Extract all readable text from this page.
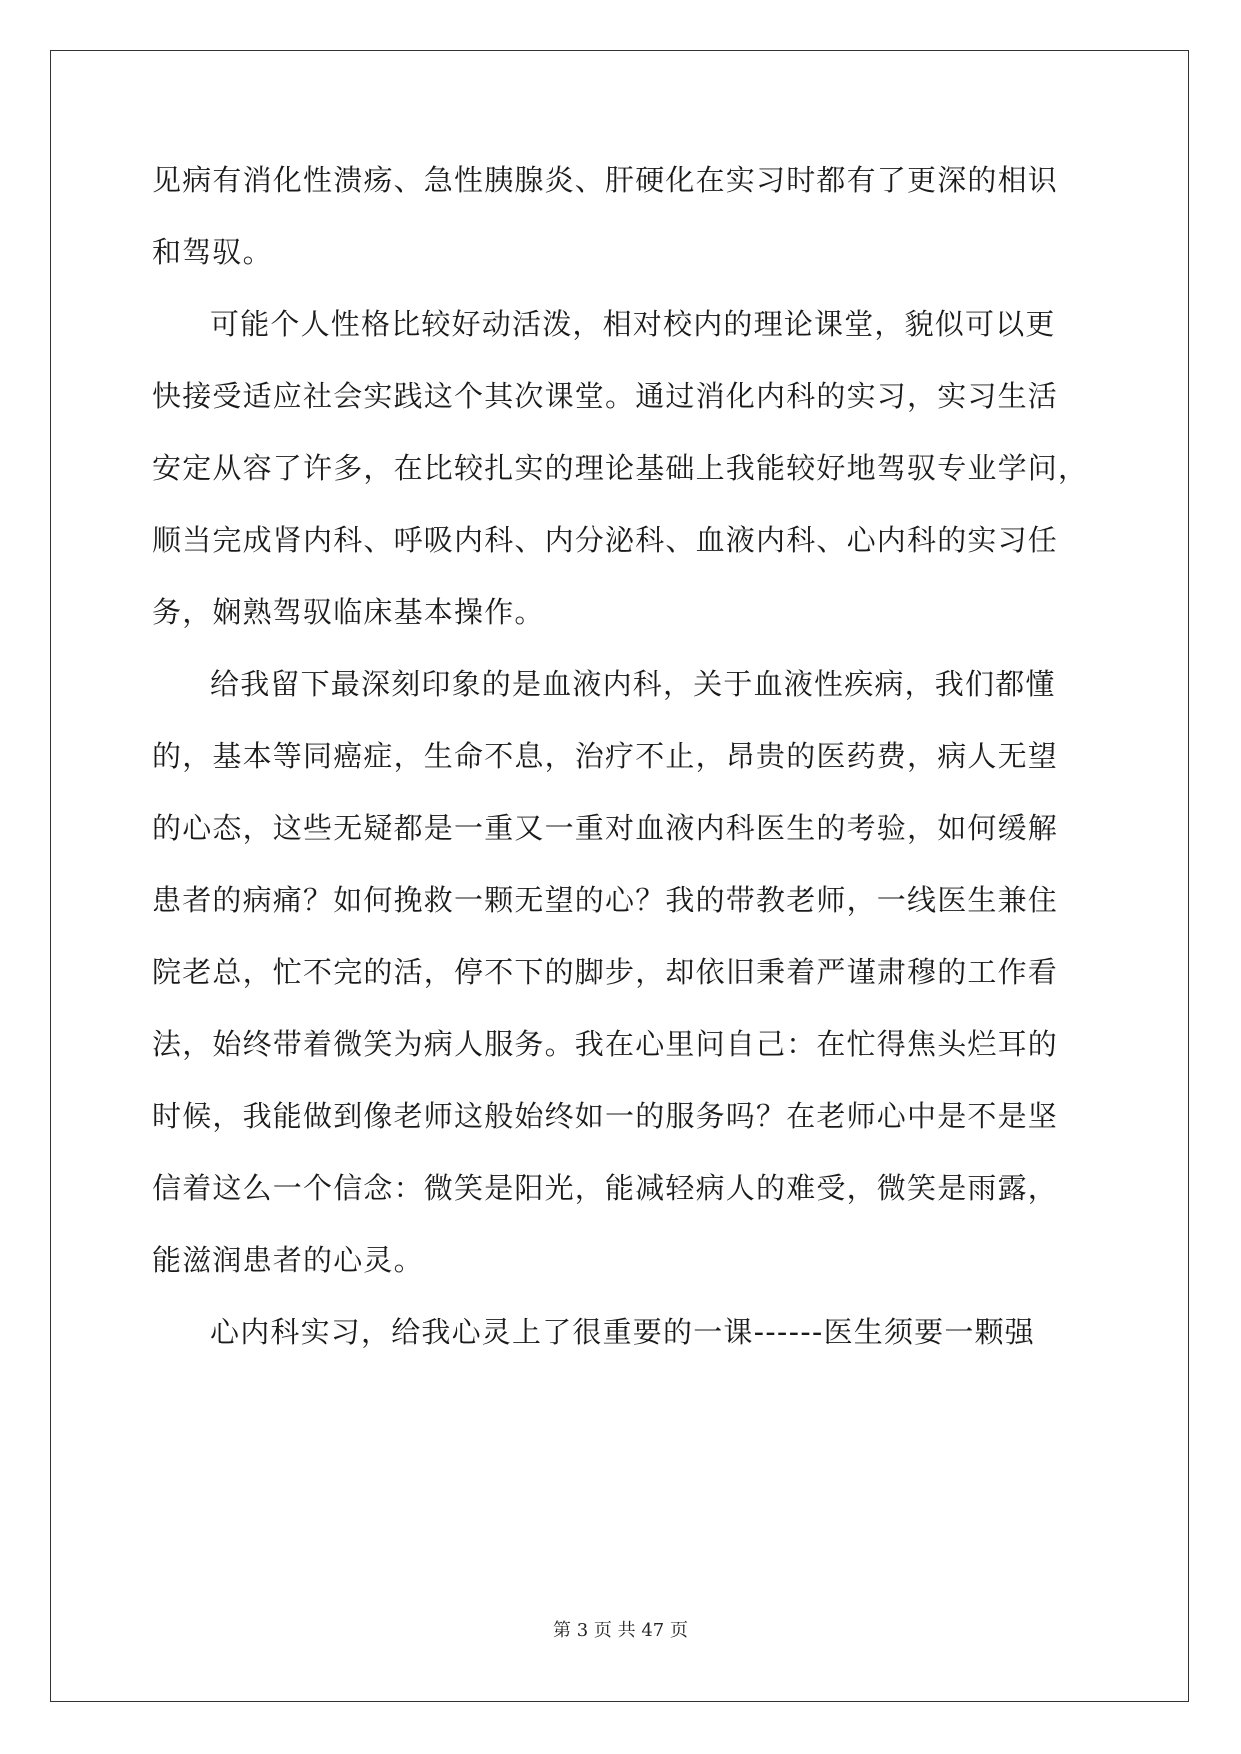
见病有消化性溃疡、急性胰腺炎、肝硬化在实习时都有了更深的相识
和驾驭。
可能个人性格比较好动活泼，相对校内的理论课堂，貌似可以更
快接受适应社会实践这个其次课堂。通过消化内科的实习，实习生活
安定从容了许多，在比较扎实的理论基础上我能较好地驾驭专业学问，
顺当完成肾内科、呼吸内科、内分泌科、血液内科、心内科的实习任
务，娴熟驾驭临床基本操作。
给我留下最深刻印象的是血液内科，关于血液性疾病，我们都懂
的，基本等同癌症，生命不息，治疗不止，昂贵的医药费，病人无望
的心态，这些无疑都是一重又一重对血液内科医生的考验，如何缓解
患者的病痛？如何挽救一颗无望的心？我的带教老师，一线医生兼住
院老总，忙不完的活，停不下的脚步，却依旧秉着严谨肃穆的工作看
法，始终带着微笑为病人服务。我在心里问自己：在忙得焦头烂耳的
时候，我能做到像老师这般始终如一的服务吗？在老师心中是不是坚
信着这么一个信念：微笑是阳光，能减轻病人的难受，微笑是雨露，
能滋润患者的心灵。
心内科实习，给我心灵上了很重要的一课------医生须要一颗强
第 3 页 共 47 页
